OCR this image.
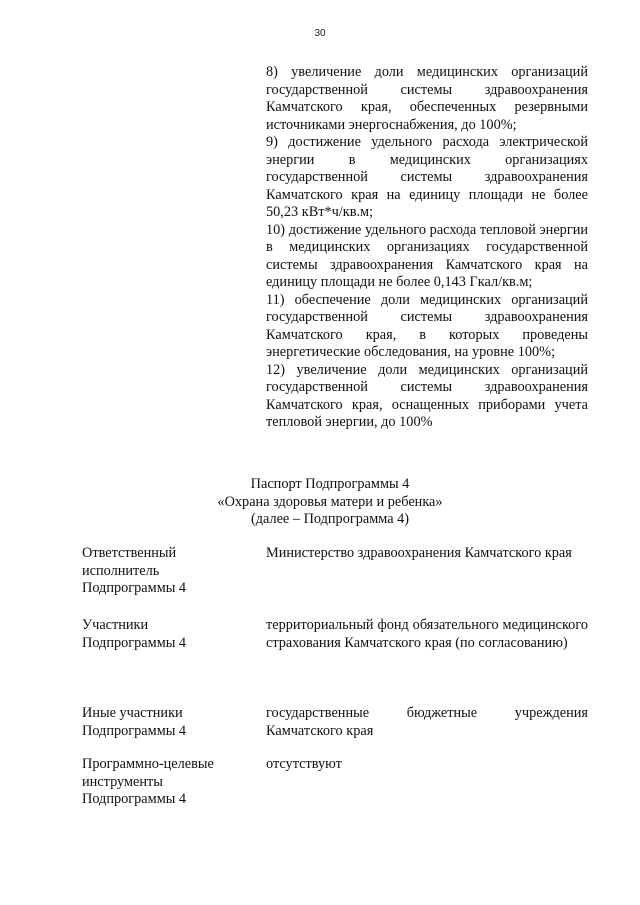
30

8) увеличение доли медицинских организаций государственной системы здравоохранения Камчатского края, обеспеченных резервными источниками энергоснабжения, до 100%;

9) достижение удельного расхода электрической энергии в медицинских организациях государственной системы здравоохранения Камчатского края на единицу площади не более 50,23 кВт*ч/кв.м;

10) достижение удельного расхода тепловой энергии в медицинских организациях государственной системы здравоохранения Камчатского края на единицу площади не более 0,143 Гкал/кв.м;

11) обеспечение доли медицинских организаций государственной системы здравоохранения Камчатского края, в которых проведены энергетические обследования, на уровне 100%;

12) увеличение доли медицинских организаций государственной системы здравоохранения Камчатского края, оснащенных приборами учета тепловой энергии, до 100%

Паспорт Подпрограммы 4
«Охрана здоровья матери и ребенка»
(далее – Подпрограмма 4)
Ответственный исполнитель Подпрограммы 4
Министерство здравоохранения Камчатского края
Участники Подпрограммы 4
территориальный фонд обязательного медицинского страхования Камчатского края (по согласованию)
Иные участники Подпрограммы 4
государственные бюджетные учреждения Камчатского края
Программно-целевые инструменты Подпрограммы 4
отсутствуют
